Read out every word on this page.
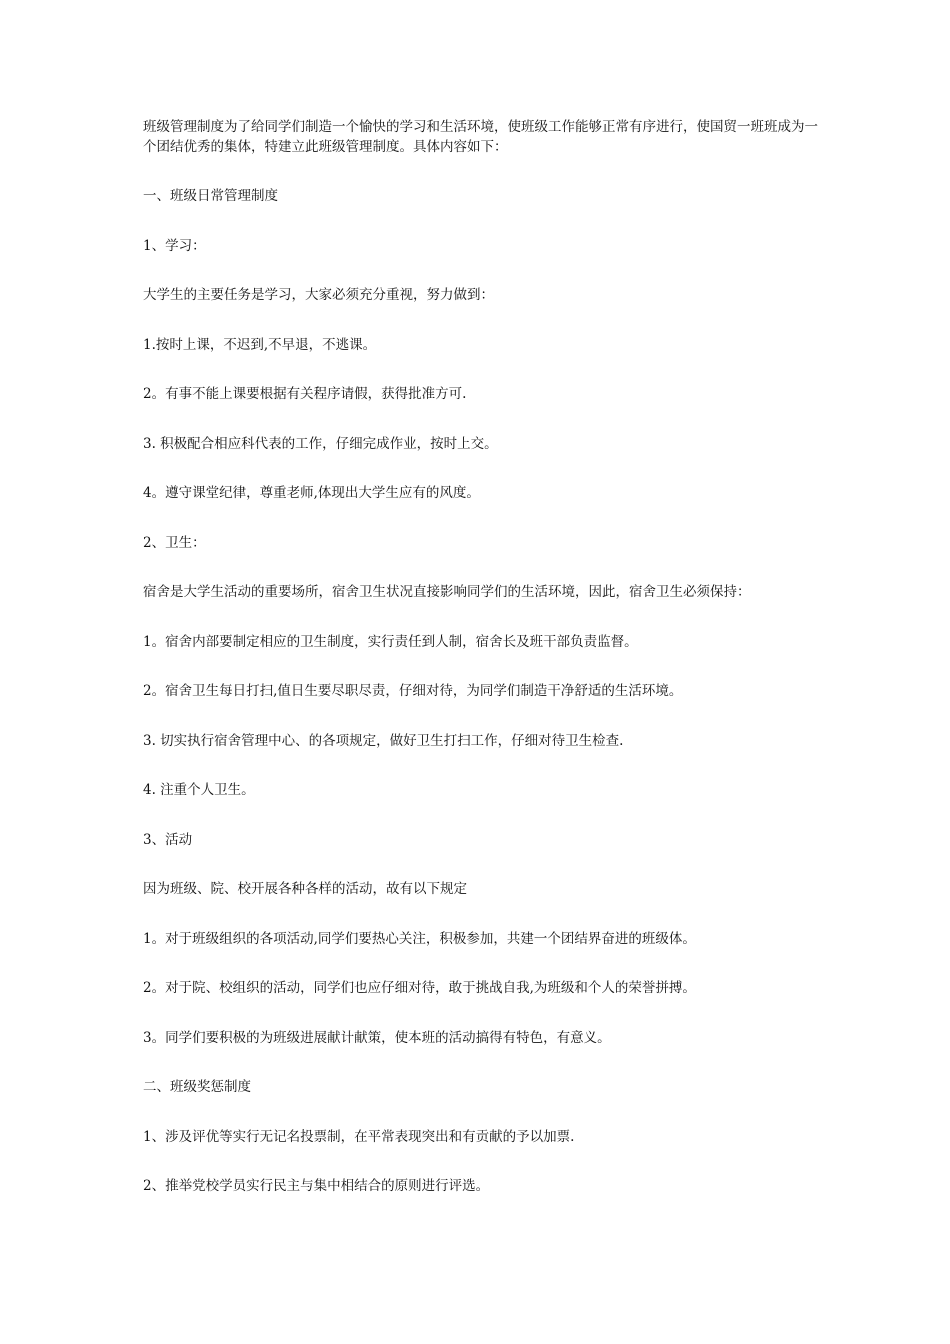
班级管理制度为了给同学们制造一个愉快的学习和生活环境，使班级工作能够正常有序进行，使国贸一班班成为一个团结优秀的集体，特建立此班级管理制度。具体内容如下：

一、班级日常管理制度

1、学习：

大学生的主要任务是学习，大家必须充分重视，努力做到：

1.按时上课，不迟到,不早退，不逃课。

2。有事不能上课要根据有关程序请假，获得批准方可.

3. 积极配合相应科代表的工作，仔细完成作业，按时上交。

4。遵守课堂纪律，尊重老师,体现出大学生应有的风度。

2、卫生：

宿舍是大学生活动的重要场所，宿舍卫生状况直接影响同学们的生活环境，因此，宿舍卫生必须保持：

1。宿舍内部要制定相应的卫生制度，实行责任到人制，宿舍长及班干部负责监督。

2。宿舍卫生每日打扫,值日生要尽职尽责，仔细对待，为同学们制造干净舒适的生活环境。

3. 切实执行宿舍管理中心、的各项规定，做好卫生打扫工作，仔细对待卫生检查.

4. 注重个人卫生。

3、活动

因为班级、院、校开展各种各样的活动，故有以下规定

1。对于班级组织的各项活动,同学们要热心关注，积极参加，共建一个团结界奋进的班级体。

2。对于院、校组织的活动，同学们也应仔细对待，敢于挑战自我,为班级和个人的荣誉拼搏。

3。同学们要积极的为班级进展献计献策，使本班的活动搞得有特色，有意义。

二、班级奖惩制度

1、涉及评优等实行无记名投票制，在平常表现突出和有贡献的予以加票.

2、推举党校学员实行民主与集中相结合的原则进行评选。
